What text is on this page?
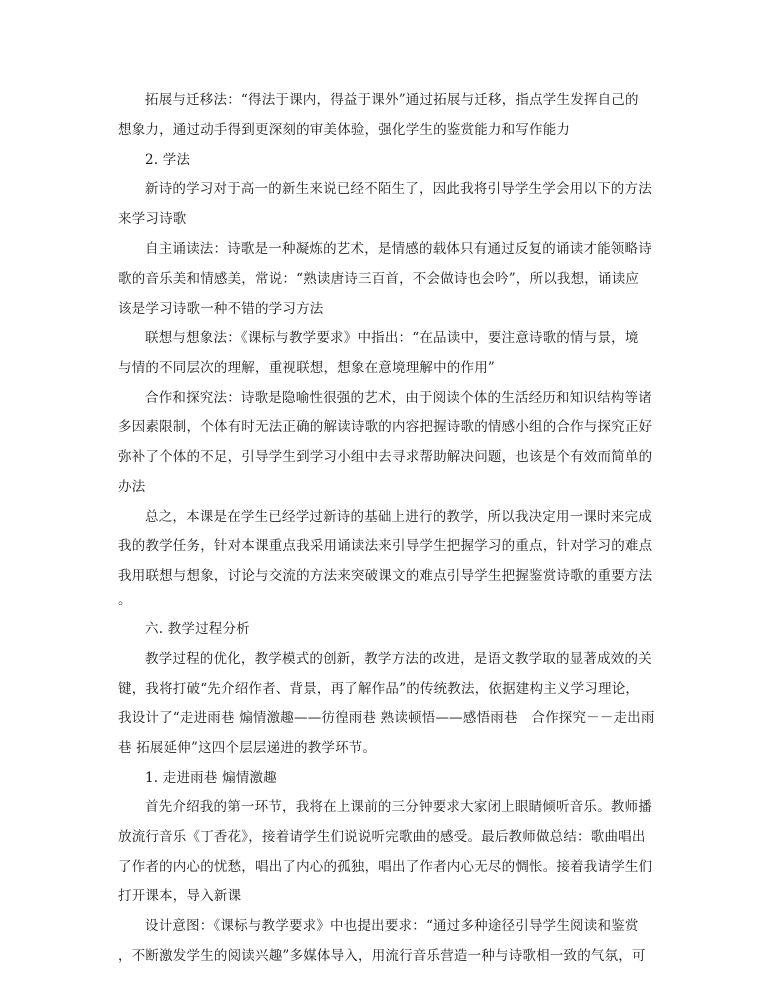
拓展与迁移法：“得法于课内，得益于课外”通过拓展与迁移，指点学生发挥自己的
想象力，通过动手得到更深刻的审美体验，强化学生的鉴赏能力和写作能力
2. 学法
新诗的学习对于高一的新生来说已经不陌生了，因此我将引导学生学会用以下的方法
来学习诗歌
自主诵读法：诗歌是一种凝炼的艺术，是情感的载体只有通过反复的诵读才能领略诗
歌的音乐美和情感美，常说：“熟读唐诗三百首，不会做诗也会吟”，所以我想，诵读应
该是学习诗歌一种不错的学习方法
联想与想象法：《课标与教学要求》中指出：“在品读中，要注意诗歌的情与景，境
与情的不同层次的理解，重视联想，想象在意境理解中的作用”
合作和探究法：诗歌是隐喻性很强的艺术，由于阅读个体的生活经历和知识结构等诸
多因素限制，个体有时无法正确的解读诗歌的内容把握诗歌的情感小组的合作与探究正好
弥补了个体的不足，引导学生到学习小组中去寻求帮助解决问题，也该是个有效而简单的
办法
总之，本课是在学生已经学过新诗的基础上进行的教学，所以我决定用一课时来完成
我的教学任务，针对本课重点我采用诵读法来引导学生把握学习的重点，针对学习的难点
我用联想与想象，讨论与交流的方法来突破课文的难点引导学生把握鉴赏诗歌的重要方法
。
六. 教学过程分析
教学过程的优化，教学模式的创新，教学方法的改进，是语文教学取的显著成效的关
键，我将打破“先介绍作者、背景，再了解作品”的传统教法，依据建构主义学习理论，
我设计了“走进雨巷 煽情激趣——彷徨雨巷 熟读顿悟——感悟雨巷　合作探究－－走出雨
巷 拓展延伸”这四个层层递进的教学环节。
1. 走进雨巷 煽情激趣
首先介绍我的第一环节，我将在上课前的三分钟要求大家闭上眼睛倾听音乐。教师播
放流行音乐《丁香花》，接着请学生们说说听完歌曲的感受。最后教师做总结：歌曲唱出
了作者的内心的忧愁，唱出了内心的孤独，唱出了作者内心无尽的惆怅。接着我请学生们
打开课本，导入新课
设计意图：《课标与教学要求》中也提出要求：“通过多种途径引导学生阅读和鉴赏
，不断激发学生的阅读兴趣”多媒体导入，用流行音乐营造一种与诗歌相一致的气氛，可
